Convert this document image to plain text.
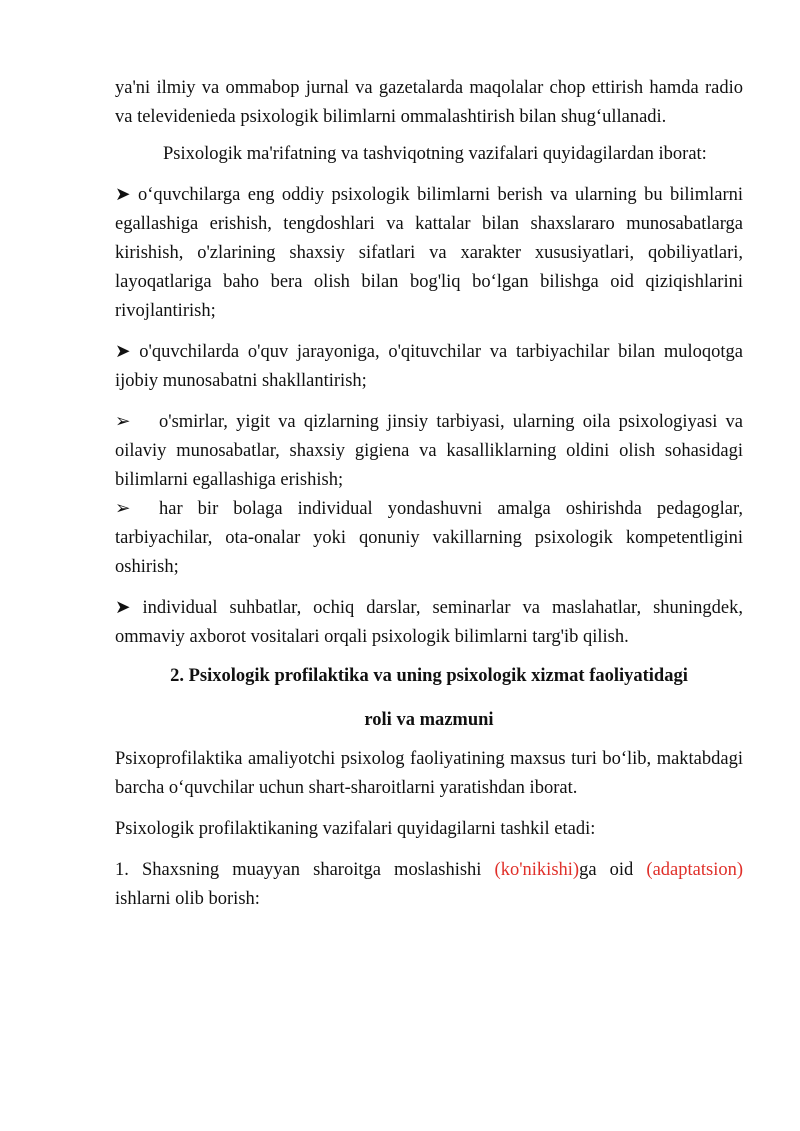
ya'ni ilmiy va ommabop jurnal va gazetalarda maqolalar chop ettirish hamda radio va televidenieda psixologik bilimlarni ommalashtirish bilan shug‘ullanadi.

Psixologik ma'rifatning va tashviqotning vazifalari quyidagilardan iborat:

➤ o‘quvchilarga eng oddiy psixologik bilimlarni berish va ularning bu bilimlarni egallashiga erishish, tengdoshlari va kattalar bilan shaxslararo munosabatlarga kirishish, o'zlarining shaxsiy sifatlari va xarakter xususiyatlari, qobiliyatlari, layoqatlariga baho bera olish bilan bog'liq bo‘lgan bilishga oid qiziqishlarini rivojlantirish;

➤ o'quvchilarda o'quv jarayoniga, o'qituvchilar va tarbiyachilar bilan muloqotga ijobiy munosabatni shakllantirish;

➢ o'smirlar, yigit va qizlarning jinsiy tarbiyasi, ularning oila psixologiyasi va oilaviy munosabatlar, shaxsiy gigiena va kasalliklarning oldini olish sohasidagi bilimlarni egallashiga erishish;

➢ har bir bolaga individual yondashuvni amalga oshirishda pedagoglar, tarbiyachilar, ota-onalar yoki qonuniy vakillarning psixologik kompetentligini oshirish;

➤ individual suhbatlar, ochiq darslar, seminarlar va maslahatlar, shuningdek, ommaviy axborot vositalari orqali psixologik bilimlarni targ'ib qilish.

2. Psixologik profilaktika va uning psixologik xizmat faoliyatidagi
roli va mazmuni

Psixoprofilaktika amaliyotchi psixolog faoliyatining maxsus turi bo‘lib, maktabdagi barcha o‘quvchilar uchun shart-sharoitlarni yaratishdan iborat.

Psixologik profilaktikaning vazifalari quyidagilarni tashkil etadi:

1. Shaxsning muayyan sharoitga moslashishi (ko'nikishi)ga oid (adaptatsion) ishlarni olib borish:
